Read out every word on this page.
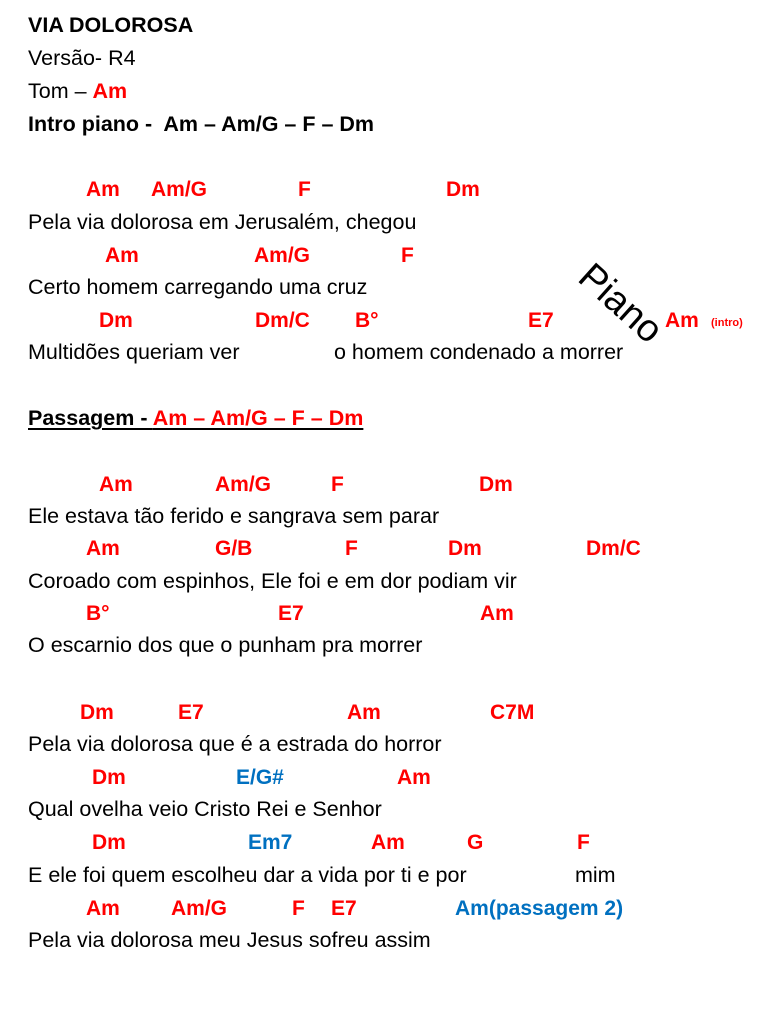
VIA DOLOROSA
Versão- R4
Tom – Am
Intro piano -  Am – Am/G – F – Dm
Piano
Am Am/G	F	Dm
Pela via dolorosa em Jerusalém, chegou
Am	Am/G	F
Certo homem carregando uma cruz
Dm	Dm/C B°	E7	Am (intro)
Multidões queriam ver	o homem condenado a morrer
Passagem - Am – Am/G – F – Dm
Am	Am/G	F	Dm
Ele estava tão ferido e sangrava sem parar
Am	G/B	F	Dm	Dm/C
Coroado com espinhos, Ele foi e em dor podiam vir
B°	E7	Am
O escarnio dos que o punham pra morrer
Dm	E7	Am	C7M
Pela via dolorosa que é a estrada do horror
Dm	E/G#	Am
Qual ovelha veio Cristo Rei e Senhor
Dm	Em7	Am	G	F
E ele foi quem escolheu dar a vida por ti e por	mim
Am Am/G	F E7	Am(passagem 2)
Pela via dolorosa meu Jesus sofreu assim
